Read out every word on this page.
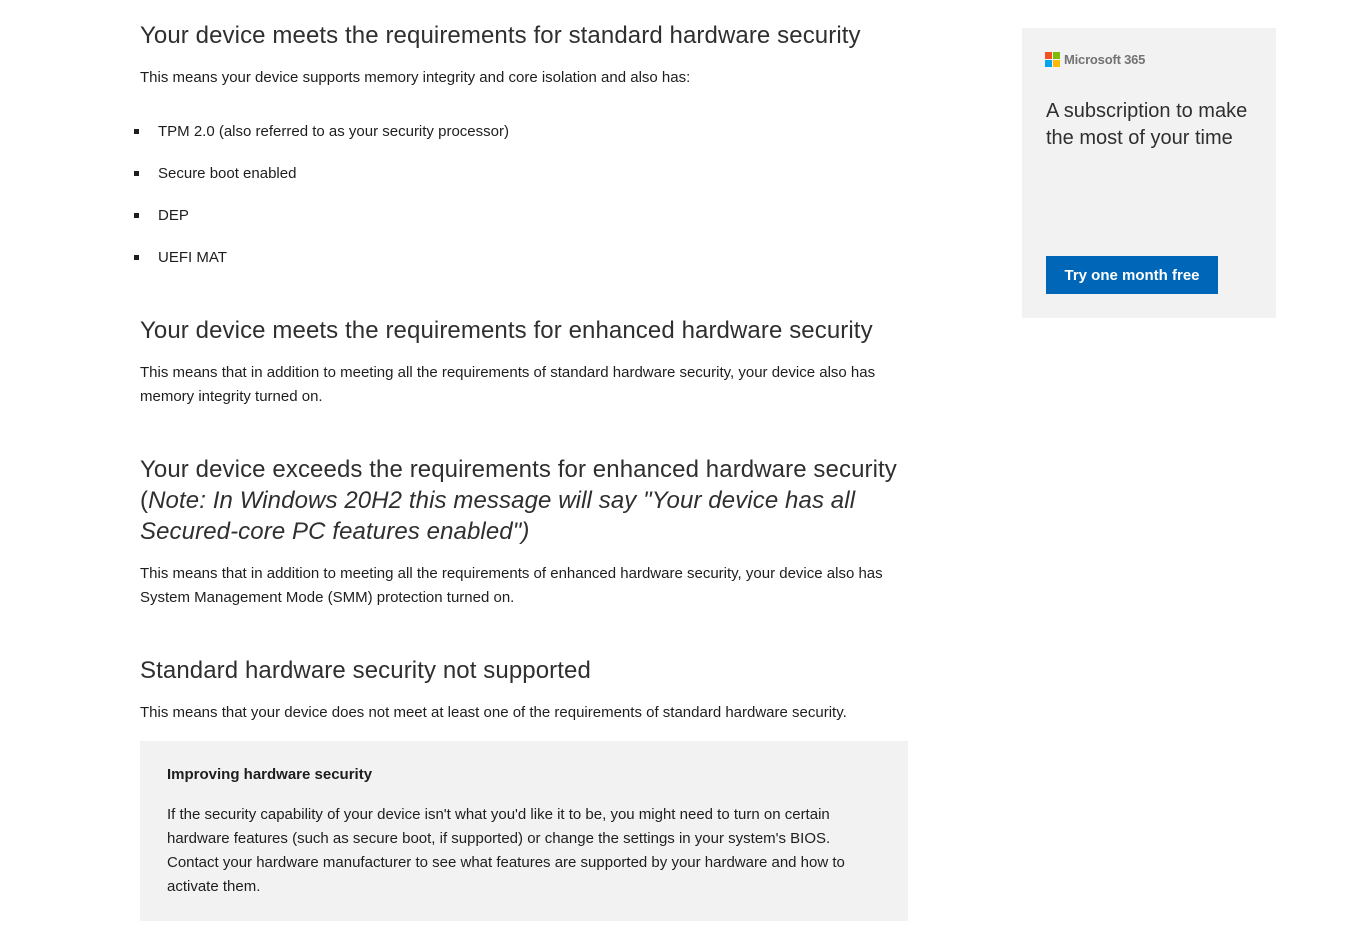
Your device meets the requirements for standard hardware security

This means your device supports memory integrity and core isolation and also has:

TPM 2.0 (also referred to as your security processor)
Secure boot enabled
DEP
UEFI MAT
Your device meets the requirements for enhanced hardware security

This means that in addition to meeting all the requirements of standard hardware security, your device also has memory integrity turned on.

Your device exceeds the requirements for enhanced hardware security (Note: In Windows 20H2 this message will say "Your device has all Secured-core PC features enabled")

This means that in addition to meeting all the requirements of enhanced hardware security, your device also has System Management Mode (SMM) protection turned on.

Standard hardware security not supported

This means that your device does not meet at least one of the requirements of standard hardware security.

Improving hardware security

If the security capability of your device isn't what you'd like it to be, you might need to turn on certain hardware features (such as secure boot, if supported) or change the settings in your system's BIOS. Contact your hardware manufacturer to see what features are supported by your hardware and how to activate them.

Microsoft 365

A subscription to make the most of your time

Try one month free
